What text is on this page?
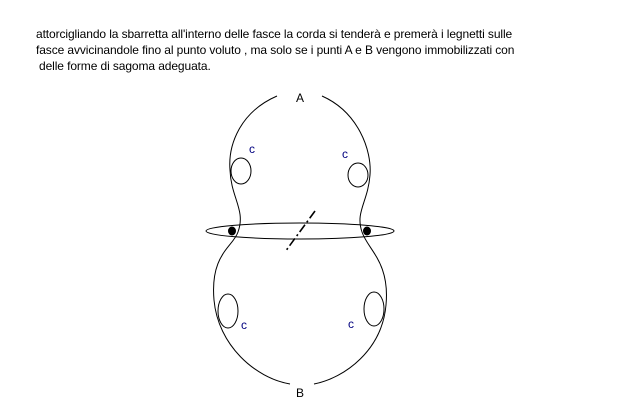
attorcigliando la sbarretta all'interno delle fasce la corda si tenderà e premerà i legnetti sulle
fasce avvicinandole fino al punto voluto , ma solo se i punti A e B vengono immobilizzati con
delle forme di sagoma adeguata.
A
B
c	c
c	c
